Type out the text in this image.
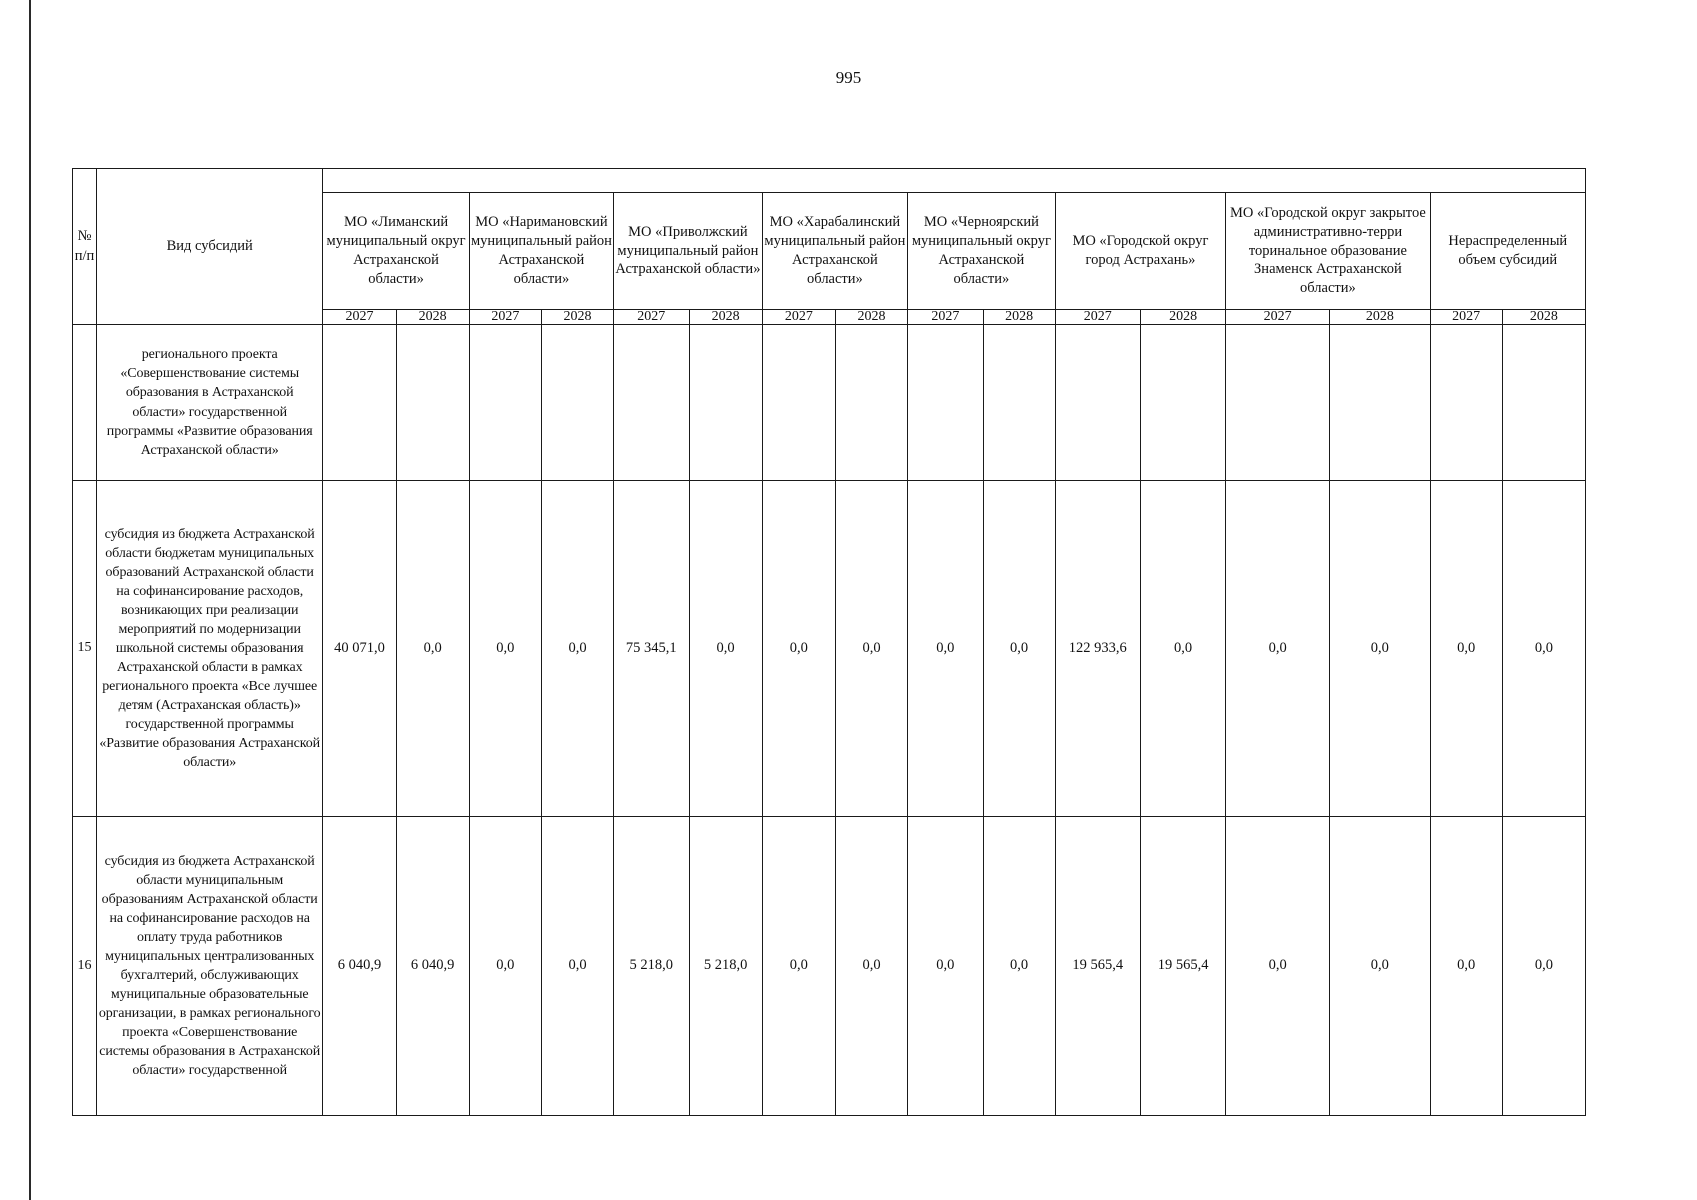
995
№ п/п	Вид субсидий																
		МО «Лиманский муниципальный округ Астраханской области»		МО «Наримановский муниципальный район Астраханской области»		МО «Приволжский муниципальный район Астраханской области»		МО «Харабалинский муниципальный район Астраханской области»		МО «Черноярский муниципальный округ Астраханской области»		МО «Городской округ город Астрахань»		МО «Городской округ закрытое административно-терри торинальное образование Знаменск Астраханской области»		Нераспределенный объем субсидий	
		2027	2028	2027	2028	2027	2028	2027	2028	2027	2028	2027	2028	2027	2028	2027	2028
	регионального проекта «Совершенствование системы образования в Астраханской области» государственной программы «Развитие образования Астраханской области»																
15	субсидия из бюджета Астраханской области бюджетам муниципальных образований Астраханской области на софинансирование расходов, возникающих при реализации мероприятий по модернизации школьной системы образования Астраханской области в рамках регионального проекта «Все лучшее детям (Астраханская область)» государственной программы «Развитие образования Астраханской области»	40 071,0	0,0	0,0	0,0	75 345,1	0,0	0,0	0,0	0,0	0,0	122 933,6	0,0	0,0	0,0	0,0	0,0
16	субсидия из бюджета Астраханской области муниципальным образованиям Астраханской области на софинансирование расходов на оплату труда работников муниципальных централизованных бухгалтерий, обслуживающих муниципальные образовательные организации, в рамках регионального проекта «Совершенствование системы образования в Астраханской области» государственной	6 040,9	6 040,9	0,0	0,0	5 218,0	5 218,0	0,0	0,0	0,0	0,0	19 565,4	19 565,4	0,0	0,0	0,0	0,0
